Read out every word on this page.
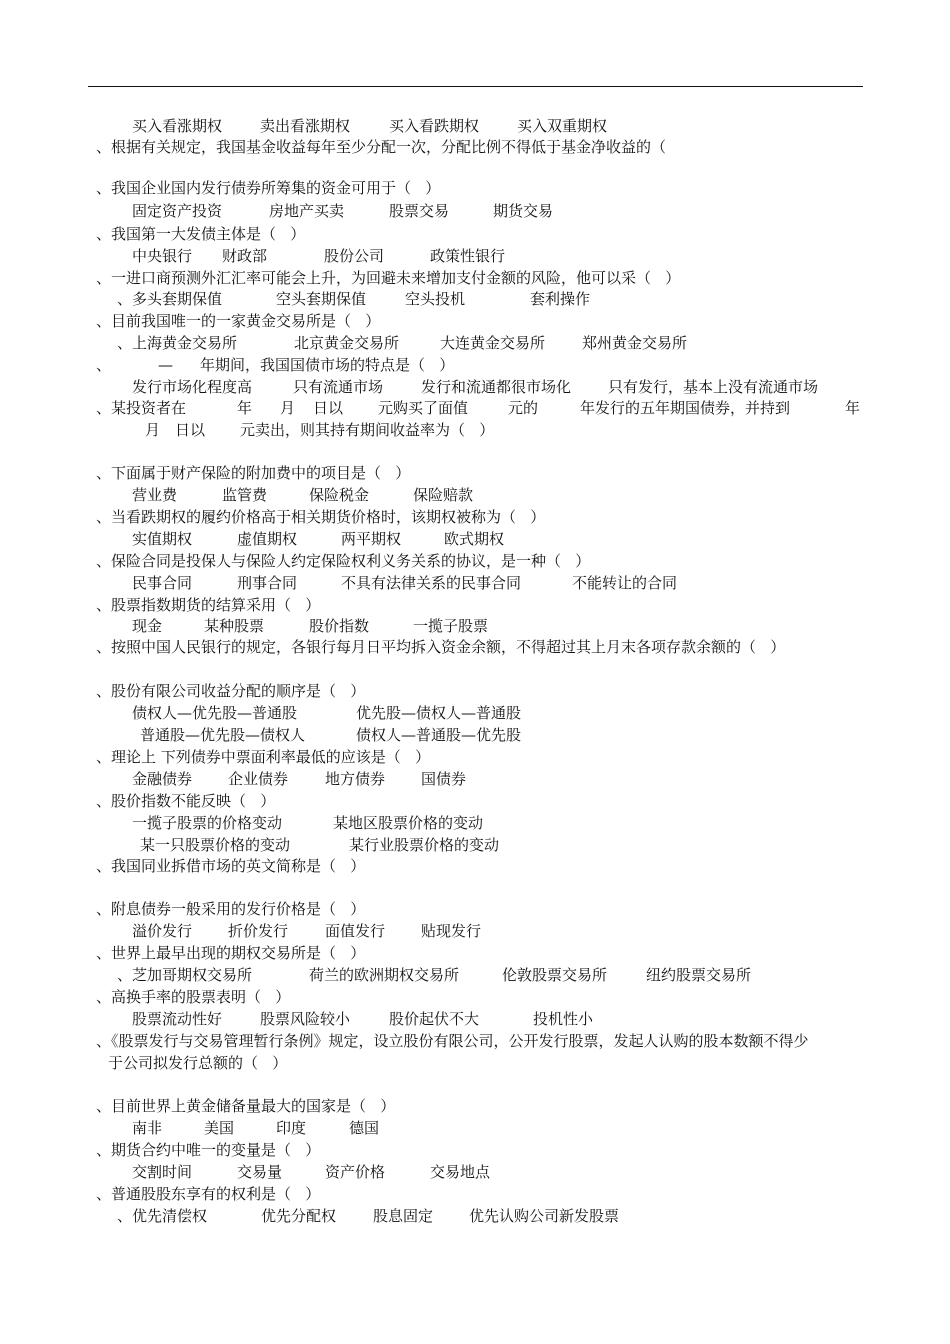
买入看涨期权	卖出看涨期权	买入看跌期权	买入双重期权
、根据有关规定，我国基金收益每年至少分配一次，分配比例不得低于基金净收益的（
、我国企业国内发行债券所筹集的资金可用于（   ）
固定资产投资	房地产买卖	股票交易	期货交易
、我国第一大发债主体是（   ）
中央银行 财政部	股份公司	政策性银行
、一进口商预测外汇汇率可能会上升，为回避未来增加支付金额的风险，他可以采（   ）
、多头套期保值	空头套期保值	空头投机	套利操作
、目前我国唯一的一家黄金交易所是（   ）
、上海黄金交易所	北京黄金交易所	大连黄金交易所 郑州黄金交易所
、	— 年期间，我国国债市场的特点是（   ）
发行市场化程度高	只有流通市场	发行和流通都很市场化 只有发行，基本上没有流通市场
、某投资者在	年 月 日以 元购买了面值	元的	年发行的五年期国债券，并持到	年
月 日以 元卖出，则其持有期间收益率为（   ）
、下面属于财产保险的附加费中的项目是（   ）
营业费	监管费	保险税金	保险赔款
、当看跌期权的履约价格高于相关期货价格时，该期权被称为（   ）
实值期权	虚值期权	两平期权	欧式期权
、保险合同是投保人与保险人约定保险权利义务关系的协议，是一种（   ）
民事合同	刑事合同	不具有法律关系的民事合同	不能转让的合同
、股票指数期货的结算采用（   ）
现金	某种股票	股价指数	一揽子股票
、按照中国人民银行的规定，各银行每月日平均拆入资金余额，不得超过其上月末各项存款余额的（   ）
、股份有限公司收益分配的顺序是（   ）
债权人—优先股—普通股	优先股—债权人—普通股
普通股—优先股—债权人	债权人—普通股—优先股
、理论上 下列债券中票面利率最低的应该是（   ）
金融债券 企业债券 地方债券 国债券
、股价指数不能反映（   ）
一揽子股票的价格变动	某地区股票价格的变动
某一只股票价格的变动	某行业股票价格的变动
、我国同业拆借市场的英文简称是（   ）
、附息债券一般采用的发行价格是（   ）
溢价发行 折价发行 面值发行 贴现发行
、世界上最早出现的期权交易所是（   ）
、芝加哥期权交易所	荷兰的欧洲期权交易所	伦敦股票交易所	纽约股票交易所
、高换手率的股票表明（   ）
股票流动性好	股票风险较小	股价起伏不大	投机性小
、《股票发行与交易管理暂行条例》规定，设立股份有限公司，公开发行股票，发起人认购的股本数额不得少
于公司拟发行总额的（   ）
、目前世界上黄金储备量最大的国家是（   ）
南非	美国	印度	德国
、期货合约中唯一的变量是（   ）
交割时间	交易量	资产价格	交易地点
、普通股股东享有的权利是（   ）
、优先清偿权	优先分配权 股息固定 优先认购公司新发股票
